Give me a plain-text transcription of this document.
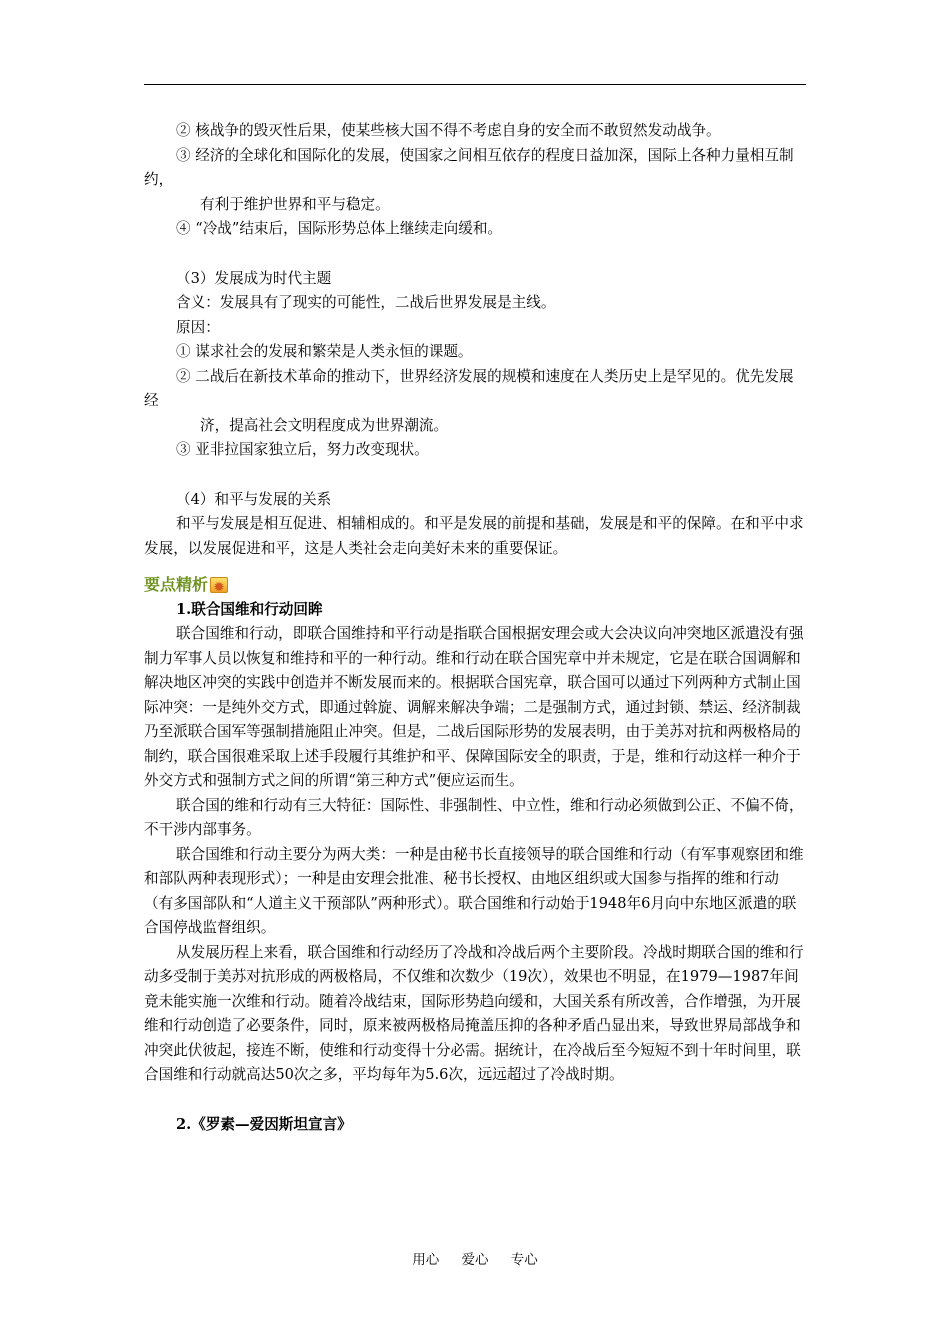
② 核战争的毁灭性后果，使某些核大国不得不考虑自身的安全而不敢贸然发动战争。

③ 经济的全球化和国际化的发展，使国家之间相互依存的程度日益加深，国际上各种力量相互制约，

有利于维护世界和平与稳定。

④ “冷战”结束后，国际形势总体上继续走向缓和。

（3）发展成为时代主题

含义：发展具有了现实的可能性，二战后世界发展是主线。

原因：

① 谋求社会的发展和繁荣是人类永恒的课题。

② 二战后在新技术革命的推动下，世界经济发展的规模和速度在人类历史上是罕见的。优先发展经

济，提高社会文明程度成为世界潮流。

③ 亚非拉国家独立后，努力改变现状。

（4）和平与发展的关系

和平与发展是相互促进、相辅相成的。和平是发展的前提和基础，发展是和平的保障。在和平中求发展，以发展促进和平，这是人类社会走向美好未来的重要保证。

要点精析
✹

1.联合国维和行动回眸

联合国维和行动，即联合国维持和平行动是指联合国根据安理会或大会决议向冲突地区派遣没有强制力军事人员以恢复和维持和平的一种行动。维和行动在联合国宪章中并未规定，它是在联合国调解和解决地区冲突的实践中创造并不断发展而来的。根据联合国宪章，联合国可以通过下列两种方式制止国际冲突：一是纯外交方式，即通过斡旋、调解来解决争端；二是强制方式，通过封锁、禁运、经济制裁乃至派联合国军等强制措施阻止冲突。但是，二战后国际形势的发展表明，由于美苏对抗和两极格局的制约，联合国很难采取上述手段履行其维护和平、保障国际安全的职责，于是，维和行动这样一种介于外交方式和强制方式之间的所谓“第三种方式”便应运而生。

联合国的维和行动有三大特征：国际性、非强制性、中立性，维和行动必须做到公正、不偏不倚，不干涉内部事务。

联合国维和行动主要分为两大类：一种是由秘书长直接领导的联合国维和行动（有军事观察团和维和部队两种表现形式）；一种是由安理会批准、秘书长授权、由地区组织或大国参与指挥的维和行动（有多国部队和“人道主义干预部队”两种形式）。联合国维和行动始于1948年6月向中东地区派遣的联合国停战监督组织。

从发展历程上来看，联合国维和行动经历了冷战和冷战后两个主要阶段。冷战时期联合国的维和行动多受制于美苏对抗形成的两极格局，不仅维和次数少（19次），效果也不明显，在1979—1987年间竟未能实施一次维和行动。随着冷战结束，国际形势趋向缓和，大国关系有所改善，合作增强，为开展维和行动创造了必要条件，同时，原来被两极格局掩盖压抑的各种矛盾凸显出来，导致世界局部战争和冲突此伏彼起，接连不断，使维和行动变得十分必需。据统计，在冷战后至今短短不到十年时间里，联合国维和行动就高达50次之多，平均每年为5.6次，远远超过了冷战时期。

2.《罗素—爱因斯坦宣言》

用心 爱心 专心
